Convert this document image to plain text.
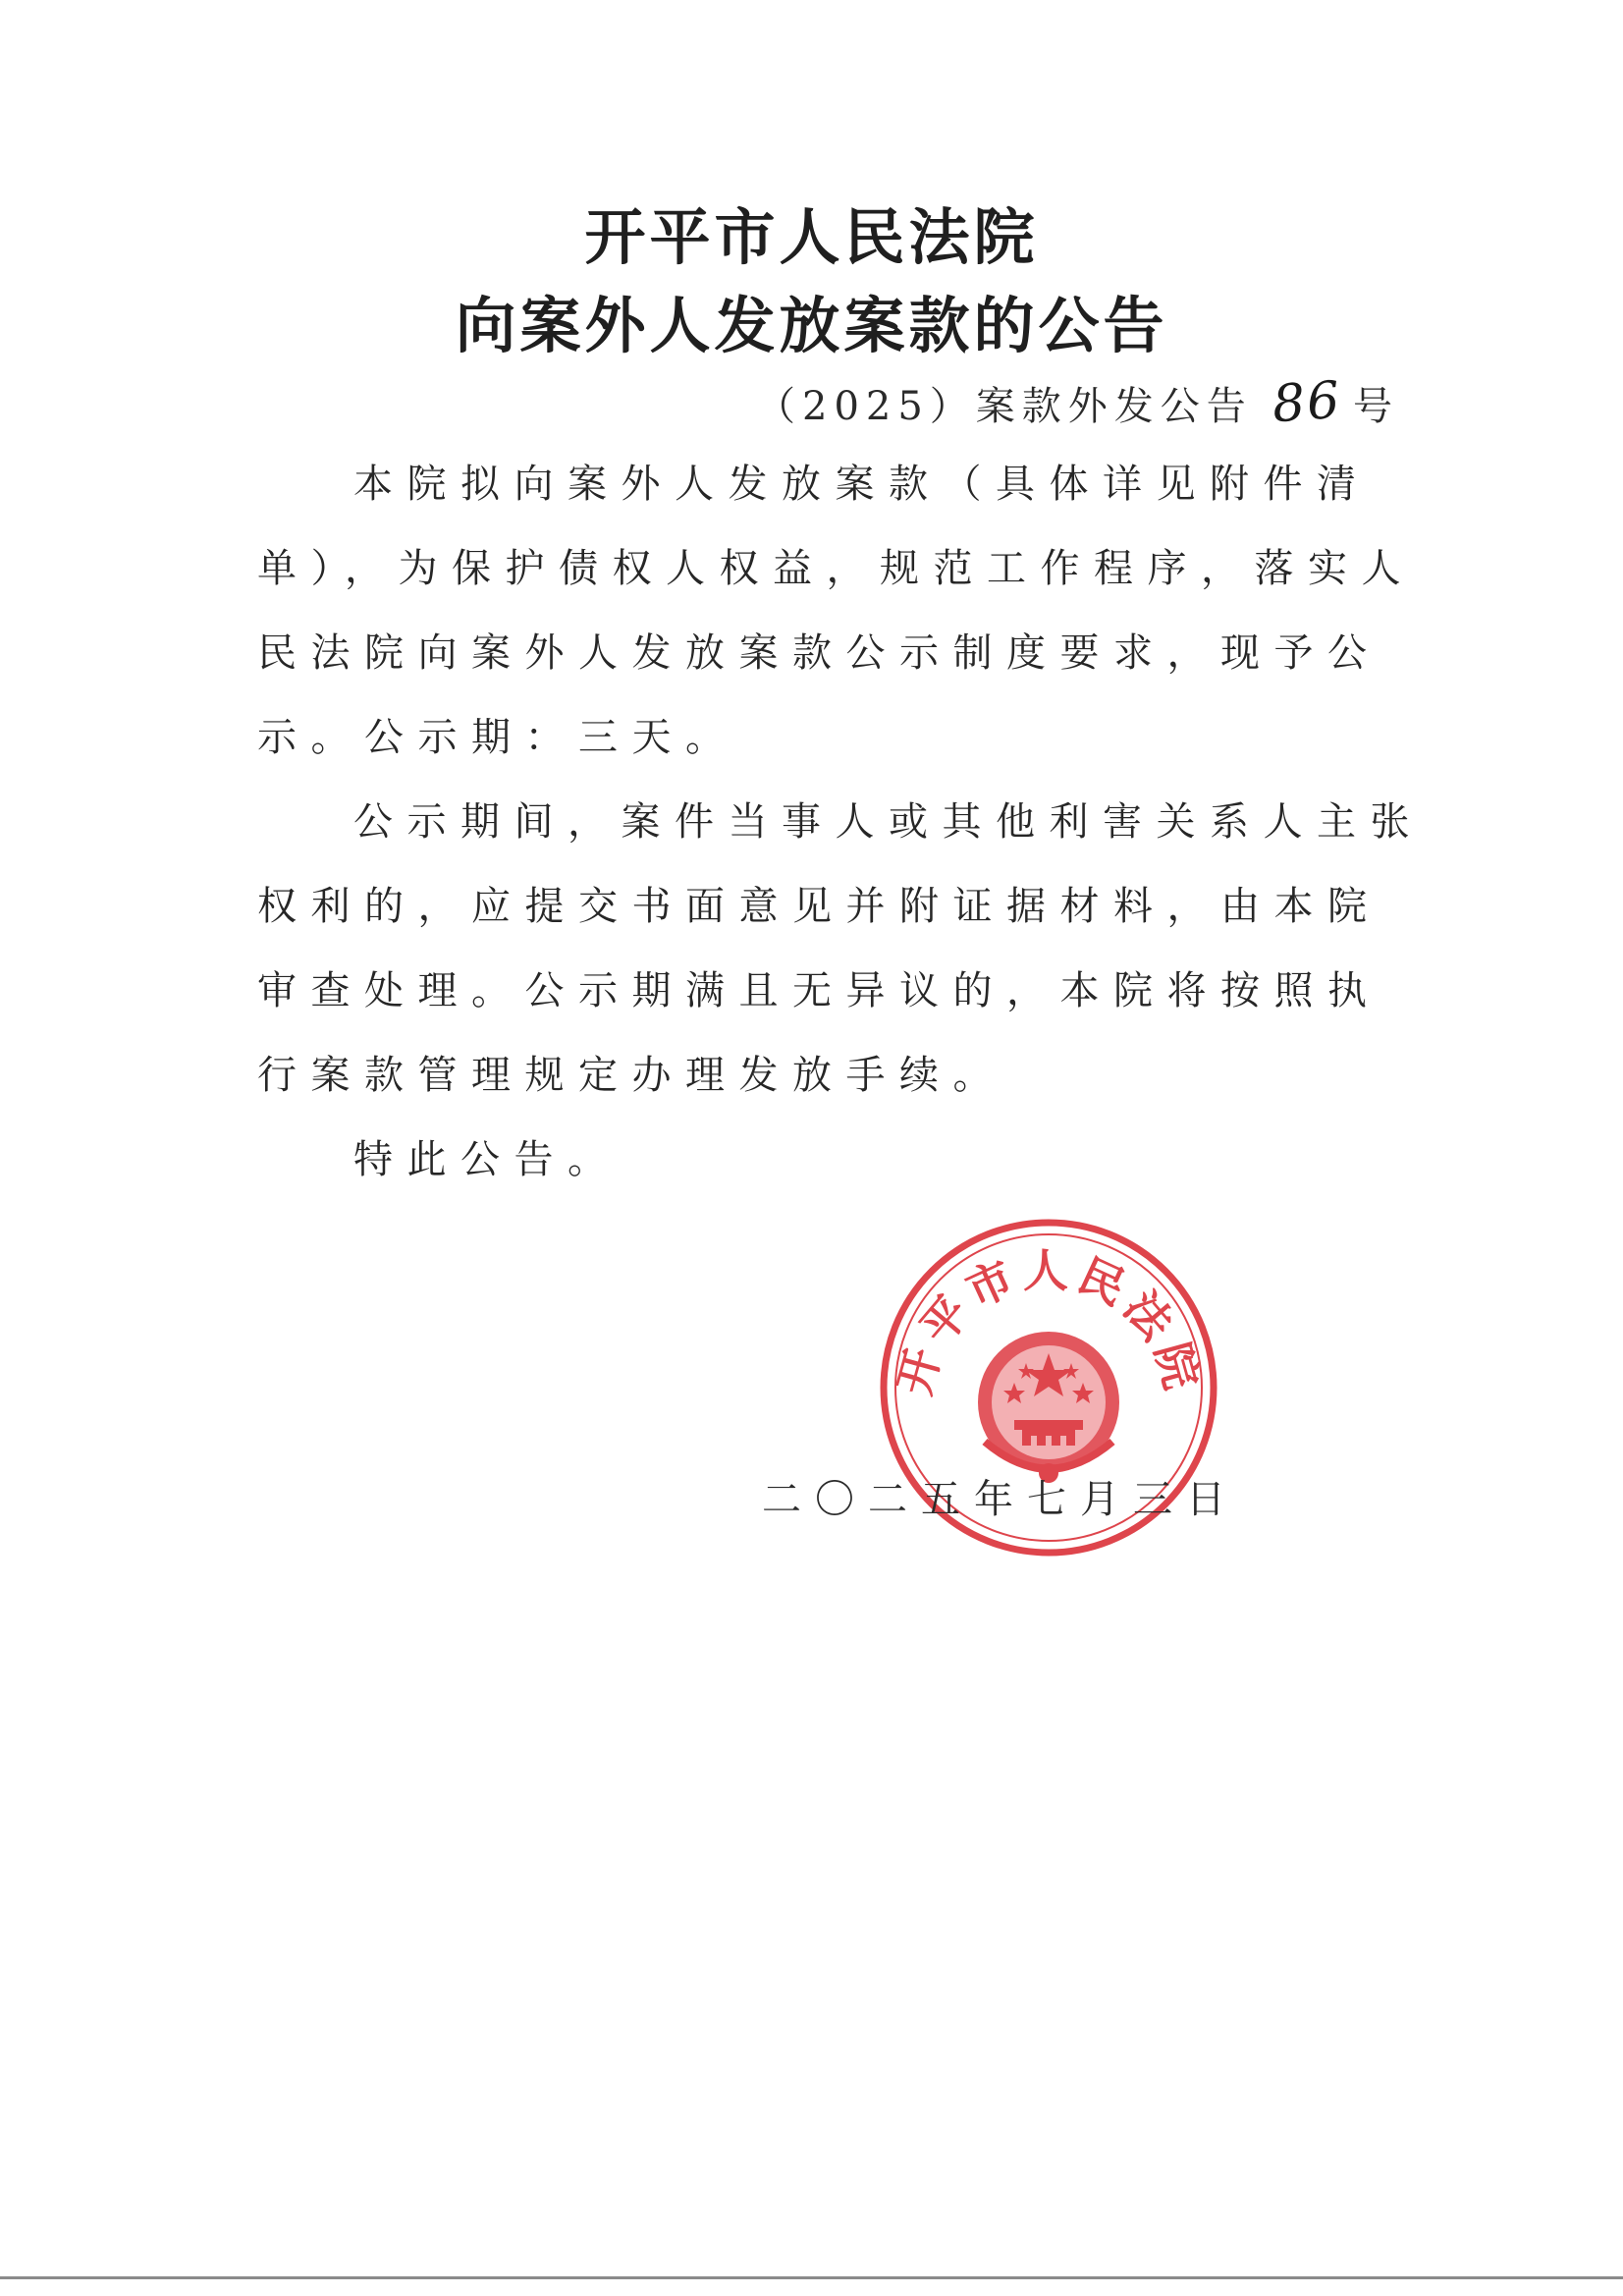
开平市人民法院
向案外人发放案款的公告
（2025）案款外发公告 86 号

本院拟向案外人发放案款（具体详见附件清单），为保护债权人权益，规范工作程序，落实人民法院向案外人发放案款公示制度要求，现予公示。公示期：三天。

公示期间，案件当事人或其他利害关系人主张权利的，应提交书面意见并附证据材料，由本院审查处理。公示期满且无异议的，本院将按照执行案款管理规定办理发放手续。

特此公告。

开平市人民法院
二〇二五年七月三日
